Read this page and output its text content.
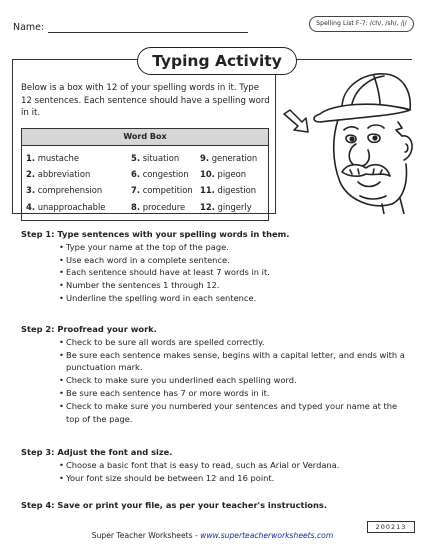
Name:	Spelling List F-7: /ch/, /sh/, /j/
Typing Activity
Below is a box with 12 of your spelling words in it. Type 12 sentences. Each sentence should have a spelling word in it.
Word Box
1. mustache	5. situation	9. generation
2. abbreviation	6. congestion	10. pigeon
3. comprehension	7. competition 11. digestion
4. unapproachable	8. procedure	12. gingerly
Step 1: Type sentences with your spelling words in them.
• Type your name at the top of the page.
• Use each word in a complete sentence.
• Each sentence should have at least 7 words in it.
• Number the sentences 1 through 12.
• Underline the spelling word in each sentence.
Step 2: Proofread your work.
• Check to be sure all words are spelled correctly.
• Be sure each sentence makes sense, begins with a capital letter, and ends with a punctuation mark.
• Check to make sure you underlined each spelling word.
• Be sure each sentence has 7 or more words in it.
• Check to make sure you numbered your sentences and typed your name at the top of the page.
Step 3: Adjust the font and size.
• Choose a basic font that is easy to read, such as Arial or Verdana.
• Your font size should be between 12 and 16 point.
Step 4: Save or print your file, as per your teacher's instructions.
Super Teacher Worksheets - www.superteacherworksheets.com
200213
